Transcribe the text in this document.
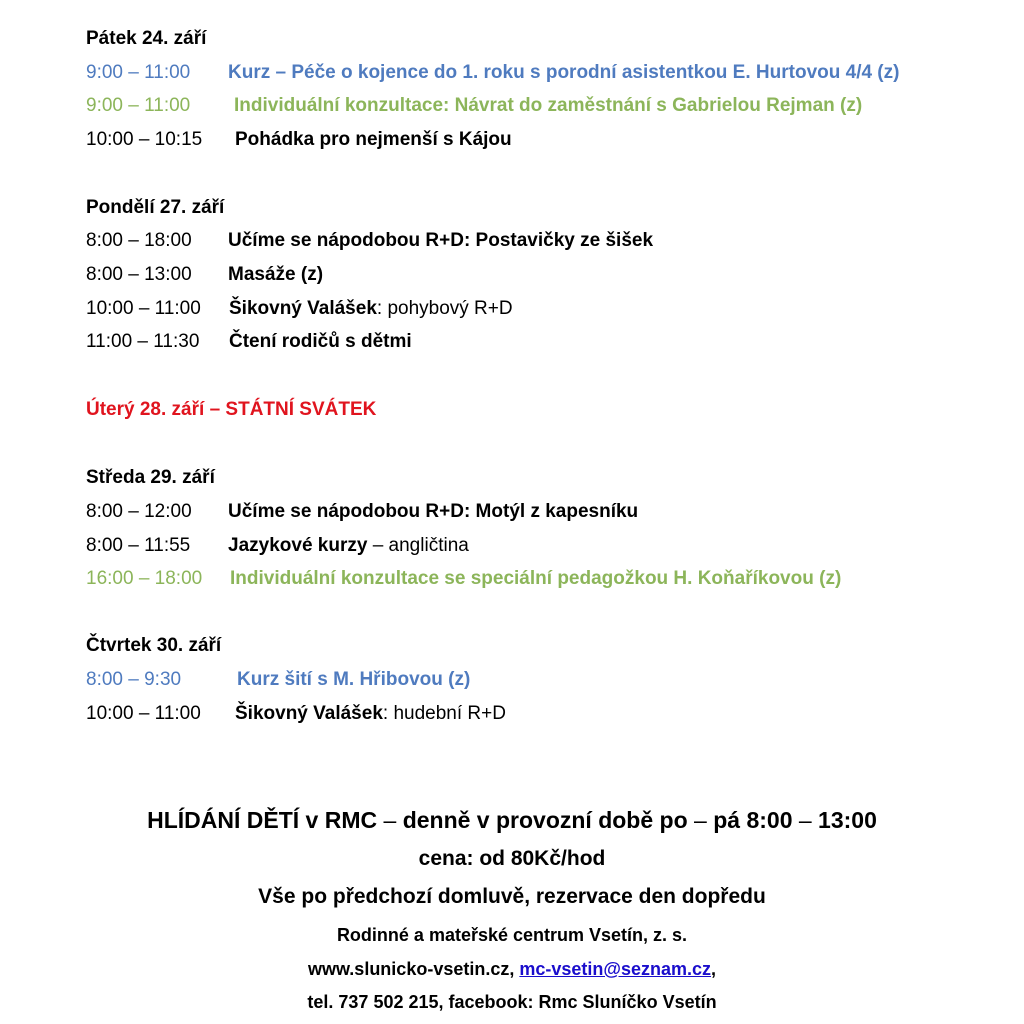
Pátek 24. září
9:00 – 11:00 Kurz – Péče o kojence do 1. roku s porodní asistentkou E. Hurtovou 4/4 (z)
9:00 – 11:00 Individuální konzultace: Návrat do zaměstnání s Gabrielou Rejman (z)
10:00 – 10:15 Pohádka pro nejmenší s Kájou
Pondělí 27. září
8:00 – 18:00 Učíme se nápodobou R+D: Postavičky ze šišek
8:00 – 13:00 Masáže (z)
10:00 – 11:00 Šikovný Valášek: pohybový R+D
11:00 – 11:30 Čtení rodičů s dětmi
Úterý 28. září – STÁTNÍ SVÁTEK
Středa 29. září
8:00 – 12:00 Učíme se nápodobou R+D: Motýl z kapesníku
8:00 – 11:55 Jazykové kurzy – angličtina
16:00 – 18:00 Individuální konzultace se speciální pedagožkou H. Koňaříkovou (z)
Čtvrtek 30. září
8:00 – 9:30	Kurz šití s M. Hřibovou (z)
10:00 – 11:00 Šikovný Valášek: hudební R+D
HLÍDÁNÍ DĚTÍ v RMC – denně v provozní době po – pá 8:00 – 13:00
cena: od 80Kč/hod
Vše po předchozí domluvě, rezervace den dopředu
Rodinné a mateřské centrum Vsetín, z. s.
www.slunicko-vsetin.cz, mc-vsetin@seznam.cz,
tel. 737 502 215, facebook: Rmc Sluníčko Vsetín
